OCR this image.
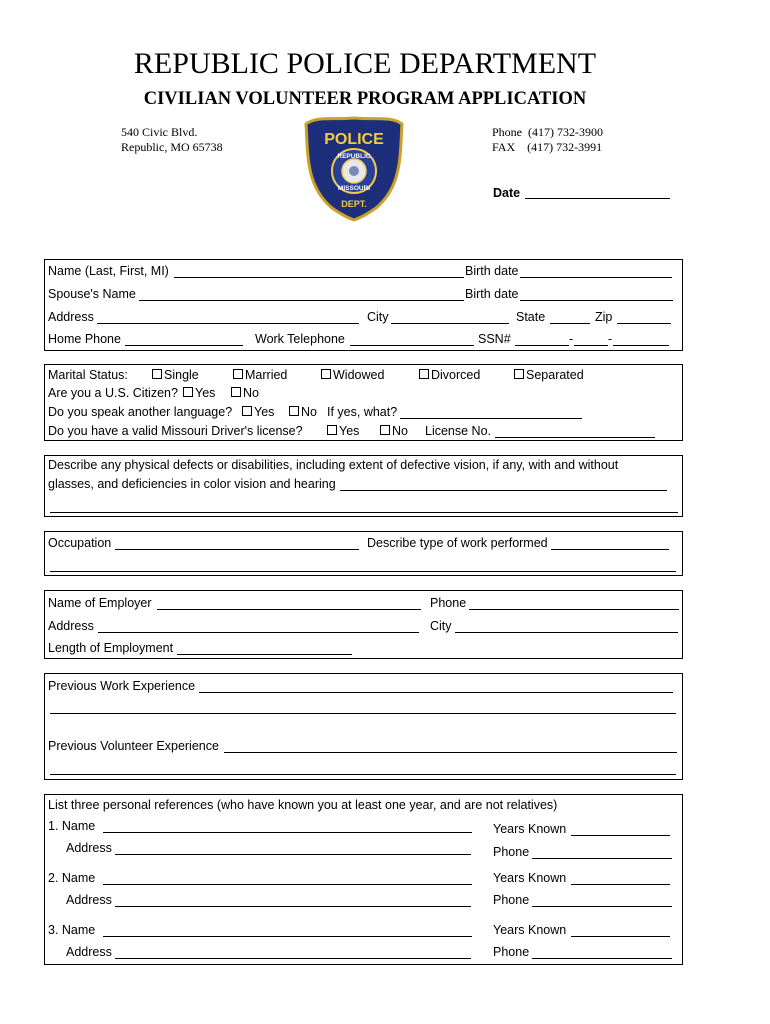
REPUBLIC POLICE DEPARTMENT
CIVILIAN VOLUNTEER PROGRAM APPLICATION
540 Civic Blvd.
Republic, MO 65738
Phone  (417) 732-3900
FAX    (417) 732-3991
Date
POLICE
REPUBLIC
MISSOURI
DEPT.
Name (Last, First, MI)	Birth date
Spouse's Name	Birth date
Address	City	State	Zip
Home Phone	Work Telephone	SSN#	-	-
Marital Status:	Single	Married	Widowed	Divorced	Separated
Are you a U.S. Citizen?	Yes	No
Do you speak another language?	Yes	No If yes, what?
Do you have a valid Missouri Driver's license?	Yes	No License No.
Describe any physical defects or disabilities, including extent of defective vision, if any, with and without
glasses, and deficiencies in color vision and hearing
Occupation	Describe type of work performed
Name of Employer	Phone
Address	City
Length of Employment
Previous Work Experience
Previous Volunteer Experience
List three personal references (who have known you at least one year, and are not relatives)
1. Name	Years Known
Address	Phone
2. Name	Years Known
Address	Phone
3. Name	Years Known
Address	Phone
